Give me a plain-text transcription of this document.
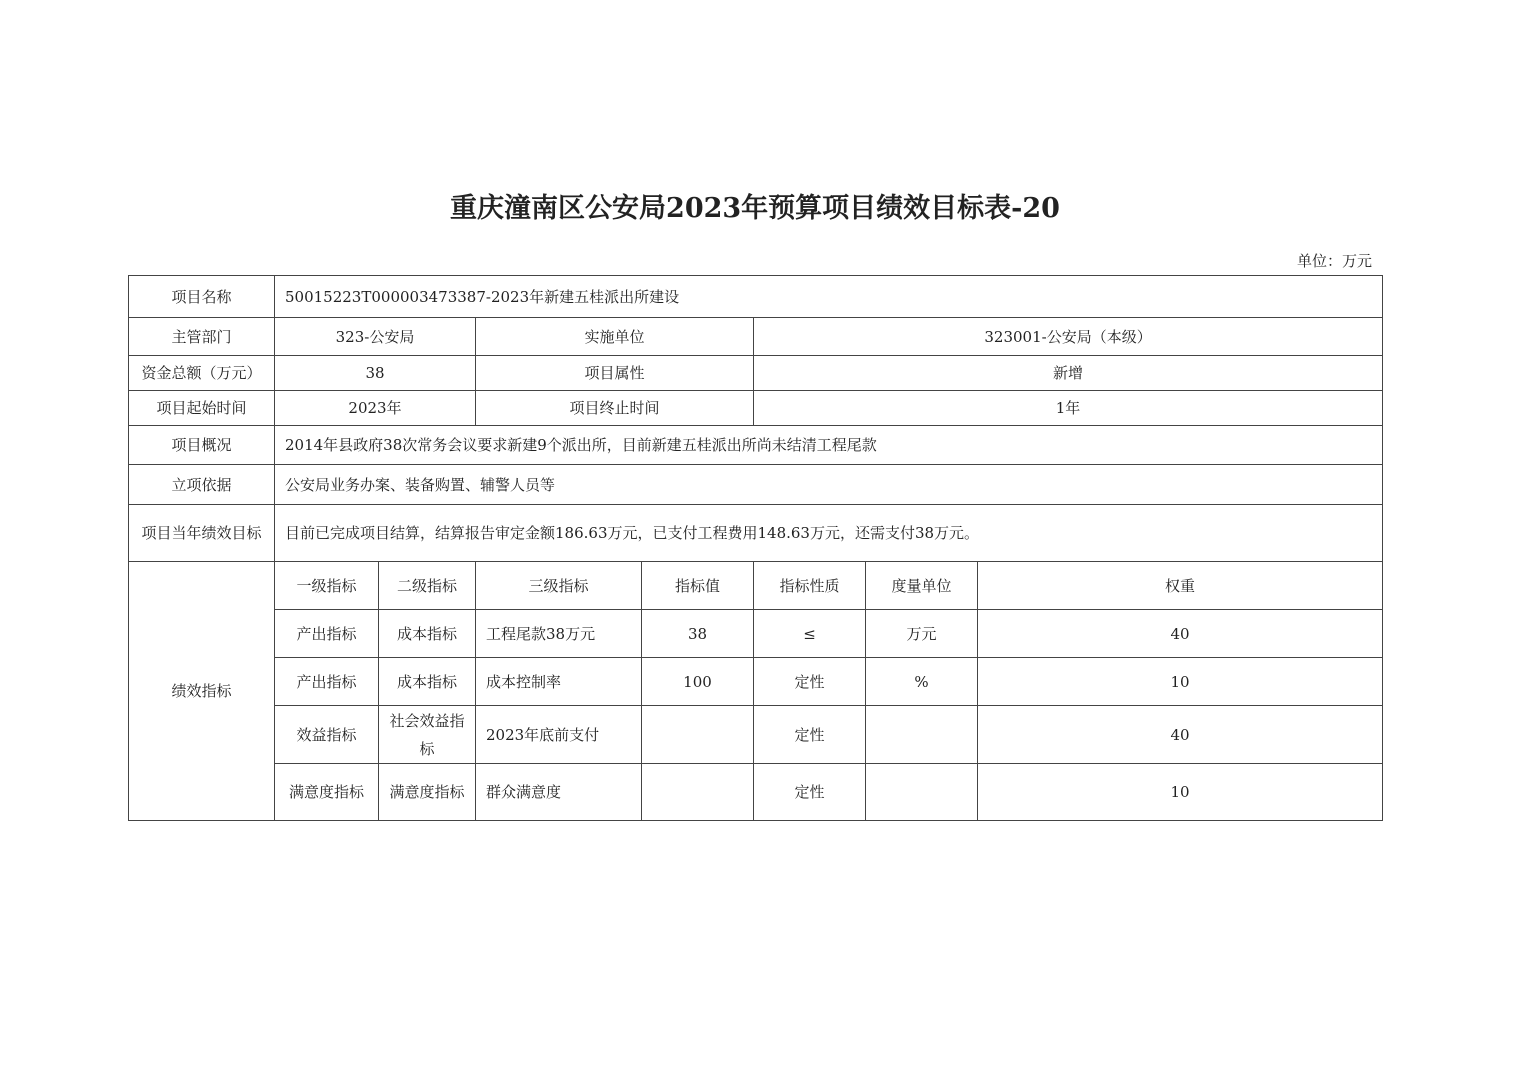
重庆潼南区公安局2023年预算项目绩效目标表-20
单位：万元
项目名称	50015223T000003473387-2023年新建五桂派出所建设						
主管部门	323-公安局		实施单位		323001-公安局（本级）		
资金总额（万元）	38		项目属性		新增		
项目起始时间	2023年		项目终止时间		1年		
项目概况	2014年县政府38次常务会议要求新建9个派出所，目前新建五桂派出所尚未结清工程尾款						
立项依据	公安局业务办案、装备购置、辅警人员等						
项目当年绩效目标	目前已完成项目结算，结算报告审定金额186.63万元，已支付工程费用148.63万元，还需支付38万元。						
绩效指标	一级指标	二级指标	三级指标	指标值	指标性质	度量单位	权重
	产出指标	成本指标	工程尾款38万元	38	≤	万元	40
	产出指标	成本指标	成本控制率	100	定性	%	10
	效益指标	社会效益指标	2023年底前支付		定性		40
	满意度指标	满意度指标	群众满意度		定性		10
